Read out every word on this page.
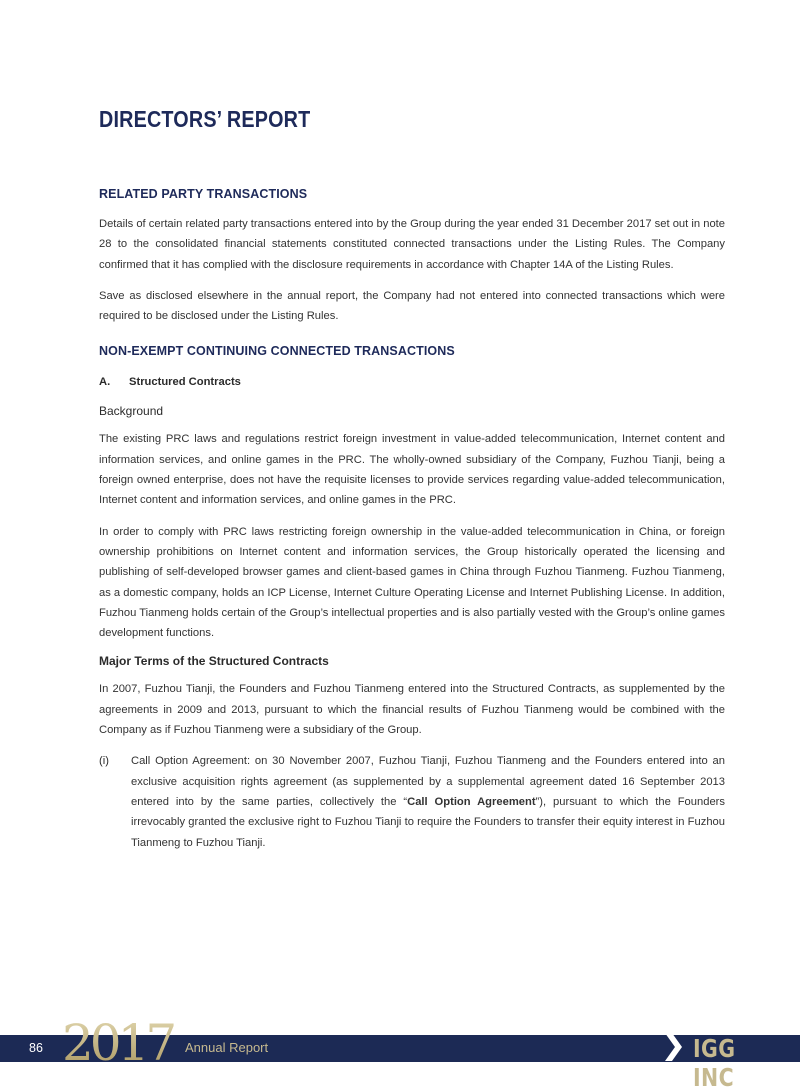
DIRECTORS’ REPORT
RELATED PARTY TRANSACTIONS

Details of certain related party transactions entered into by the Group during the year ended 31 December 2017 set out in note 28 to the consolidated financial statements constituted connected transactions under the Listing Rules. The Company confirmed that it has complied with the disclosure requirements in accordance with Chapter 14A of the Listing Rules.

Save as disclosed elsewhere in the annual report, the Company had not entered into connected transactions which were required to be disclosed under the Listing Rules.

NON-EXEMPT CONTINUING CONNECTED TRANSACTIONS
A.	Structured Contracts
Background

The existing PRC laws and regulations restrict foreign investment in value-added telecommunication, Internet content and information services, and online games in the PRC. The wholly-owned subsidiary of the Company, Fuzhou Tianji, being a foreign owned enterprise, does not have the requisite licenses to provide services regarding value-added telecommunication, Internet content and information services, and online games in the PRC.

In order to comply with PRC laws restricting foreign ownership in the value-added telecommunication in China, or foreign ownership prohibitions on Internet content and information services, the Group historically operated the licensing and publishing of self-developed browser games and client-based games in China through Fuzhou Tianmeng. Fuzhou Tianmeng, as a domestic company, holds an ICP License, Internet Culture Operating License and Internet Publishing License. In addition, Fuzhou Tianmeng holds certain of the Group’s intellectual properties and is also partially vested with the Group’s online games development functions.

Major Terms of the Structured Contracts

In 2007, Fuzhou Tianji, the Founders and Fuzhou Tianmeng entered into the Structured Contracts, as supplemented by the agreements in 2009 and 2013, pursuant to which the financial results of Fuzhou Tianmeng would be combined with the Company as if Fuzhou Tianmeng were a subsidiary of the Group.

(i)	Call Option Agreement: on 30 November 2007, Fuzhou Tianji, Fuzhou Tianmeng and the Founders entered into an exclusive acquisition rights agreement (as supplemented by a supplemental agreement dated 16 September 2013 entered into by the same parties, collectively the “Call Option Agreement”), pursuant to which the Founders irrevocably granted the exclusive right to Fuzhou Tianji to require the Founders to transfer their equity interest in Fuzhou Tianmeng to Fuzhou Tianji.

86 2017 Annual Report	IGG INC
